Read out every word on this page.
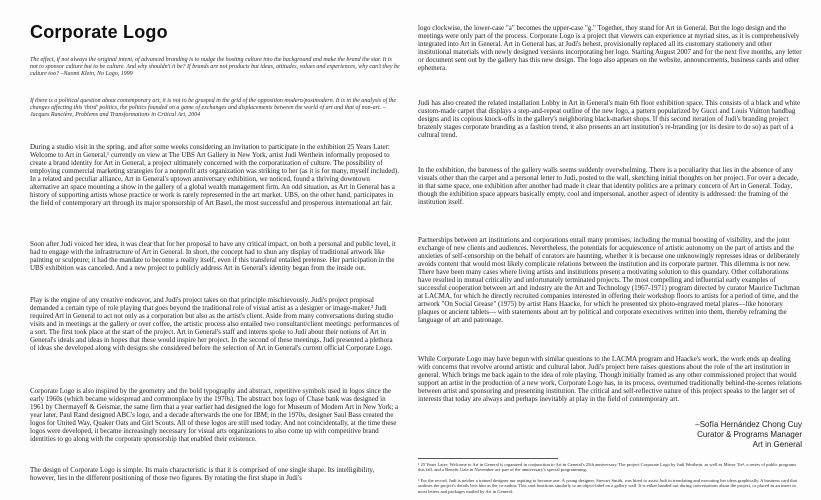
Corporate Logo
The effect, if not always the original intent, of advanced branding is to nudge the hosting culture into the background and make the brand the star. It is not to sponsor culture but to be culture. And why shouldn't it be? If brands are not products but ideas, attitudes, values and experiences, why can't they be culture too? –Naomi Klein, No Logo, 1999
If there is a political question about contemporary art, it is not to be grasped in the grid of the opposition modern/postmodern. It is in the analysis of the changes affecting this 'third' politics, the politics founded on a game of exchanges and displacements between the world of art and that of non-art. –Jacques Rancière, Problems and Transformations in Critical Art, 2004
During a studio visit in the spring, and after some weeks considering an invitation to participate in the exhibition 25 Years Later: Welcome to Art in General,¹ currently on view at The UBS Art Gallery in New York, artist Judi Werthein informally proposed to create a brand identity for Art in General, a project ultimately concerned with the corporatization of culture. The possibility of employing commercial marketing strategies for a nonprofit arts organization was striking to her (as it is for many, myself included). In a related and peculiar alliance, Art in General's uptown anniversary exhibition, we noticed, found a thriving downtown alternative art space mounting a show in the gallery of a global wealth management firm. An odd situation, as Art in General has a history of supporting artists whose practice or work is rarely represented in the art market. UBS, on the other hand, participates in the field of contemporary art through its major sponsorship of Art Basel, the most successful and prosperous international art fair.
Soon after Judi voiced her idea, it was clear that for her proposal to have any critical impact, on both a personal and public level, it had to engage with the infrastructure of Art in General. In short, the concept had to shun any display of traditional artwork like painting or sculpture; it had the mandate to become a reality itself, even if this transferal entailed pretense. Her participation in the UBS exhibition was canceled. And a new project to publicly address Art in General's identity began from the inside out.
Play is the engine of any creative endeavor, and Judi's project takes on that principle mischievously. Judi's project proposal demanded a certain type of role playing that goes beyond the traditional role of visual artist as a designer or image-maker.² Judi required Art in General to act not only as a corporation but also as the artist's client. Aside from many conversations during studio visits and in meetings at the gallery or over coffee, the artistic process also entailed two consultant/client meetings: performances of a sort. The first took place at the start of the project. Art in General's staff and interns spoke to Judi about their notions of Art in General's ideals and ideas in hopes that these would inspire her project. In the second of these meetings, Judi presented a plethora of ideas she developed along with designs she considered before the selection of Art in General's current official Corporate Logo.
Corporate Logo is also inspired by the geometry and the bold typography and abstract, repetitive symbols used in logos since the early 1960s (which became widespread and commonplace by the 1970s). The abstract box logo of Chase bank was designed in 1961 by Chermayeff & Geismar, the same firm that a year earlier had designed the logo for Museum of Modern Art in New York; a year later, Paul Rand designed ABC's logo, and a decade afterwards the one for IBM; in the 1970s, designer Saul Bass created the logos for United Way, Quaker Oats and Girl Scouts. All of these logos are still used today. And not coincidentally, at the time these logos were developed, it became increasingly necessary for visual arts organizations to also come up with competitive brand identities to go along with the corporate sponsorship that enabled their existence.
The design of Corporate Logo is simple. Its main characteristic is that it is comprised of one single shape. Its intelligibility, however, lies in the different positioning of those two figures. By rotating the first shape in Judi's
logo clockwise, the lower-case "a" becomes the upper-case "g." Together, they stand for Art in General. But the logo design and the meetings were only part of the process. Corporate Logo is a project that viewers can experience at myriad sites, as it is comprehensively integrated into Art in General. Art in General has, at Judi's behest, provisionally replaced all its customary stationery and other institutional materials with newly designed versions incorporating her logo. Starting August 2007 and for the next five months, any letter or document sent out by the gallery has this new design. The logo also appears on the website, announcements, business cards and other ephemera.
Judi has also created the related installation Lobby in Art in General's main 6th floor exhibition space. This consists of a black and white custom-made carpet that displays a step-and-repeat outline of the new logo, a pattern popularized by Gucci and Louis Vuitton handbag designs and its copious knock-offs in the gallery's neighboring black-market shops. If this second iteration of Judi's branding project brazenly stages corporate branding as a fashion trend, it also presents an art institution's re-branding (or its desire to do so) as part of a cultural trend.
In the exhibition, the bareness of the gallery walls seems suddenly overwhelming. There is a peculiarity that lies in the absence of any visuals other than the carpet and a personal letter to Judi, posted to the wall, sketching initial thoughts on her project. For over a decade, in that same space, one exhibition after another had made it clear that identity politics are a primary concern of Art in General. Today, though the exhibition space appears basically empty, cool and impersonal, another aspect of identity is addressed: the framing of the institution itself.
Partnerships between art institutions and corporations entail many promises, including the mutual boosting of visibility, and the joint exchange of new clients and audiences. Nevertheless, the potentials for acquiescence of artistic autonomy on the part of artists and the anxieties of self-censorship on the behalf of curators are haunting, whether it is because one unknowingly represses ideas or deliberately avoids content that would most likely complicate relations between the institution and its corporate partner. This dilemma is not new. There have been many cases where living artists and institutions present a motivating solution to this quandary. Other collaborations have resulted in mutual criticality and unfortunately terminated projects. The most compelling and influential early examples of successful cooperation between art and industry are the Art and Technology (1967-1971) program directed by curator Maurice Tuchman at LACMA, for which he directly recruited companies interested in offering their workshop floors to artists for a period of time, and the artwork "On Social Grease" (1975) by artist Hans Haacke, for which he presented six photo-engraved metal plates—like honorary plaques or ancient tablets— with statements about art by political and corporate executives written into them, thereby reframing the language of art and patronage.
While Corporate Logo may have begun with similar questions to the LACMA program and Haacke's work, the work ends up dealing with concerns that revolve around artistic and cultural labor. Judi's project here raises questions about the role of the art institution in general. Which brings me back again to the idea of role playing. Though initially framed as any other commissioned project that would support an artist in the production of a new work, Corporate Logo has, in its process, overturned traditionally behind-the-scenes relations between artist and sponsoring and presenting institution. The critical and self-reflective nature of this project speaks to the larger set of interests that today are always and perhaps inevitably at play in the field of contemporary art.
–Sofía Hernández Chong Cuy
Curator & Programs Manager
Art in General
¹ 25 Years Later: Welcome to Art in General is organized in conjunction to Art in General's 25th anniversary. The project Corporate Logo by Judi Werthein, as well as Mirror Tie², a series of public programs this fall, and a Benefit Gala in November are part of the anniversary's special programming.
² For the record, Judi is neither a trained designer nor aspiring to become one. A young designer, Stewart Smith, was hired to assist Judi in translating and executing her ideas graphically. A business card that outlines the project's details lists him as the co-author. This card functions similarly to an object-label on a gallery wall. It is either handed out during conversations about the project, or placed as an insert in most letters and packages mailed by Art in General.
